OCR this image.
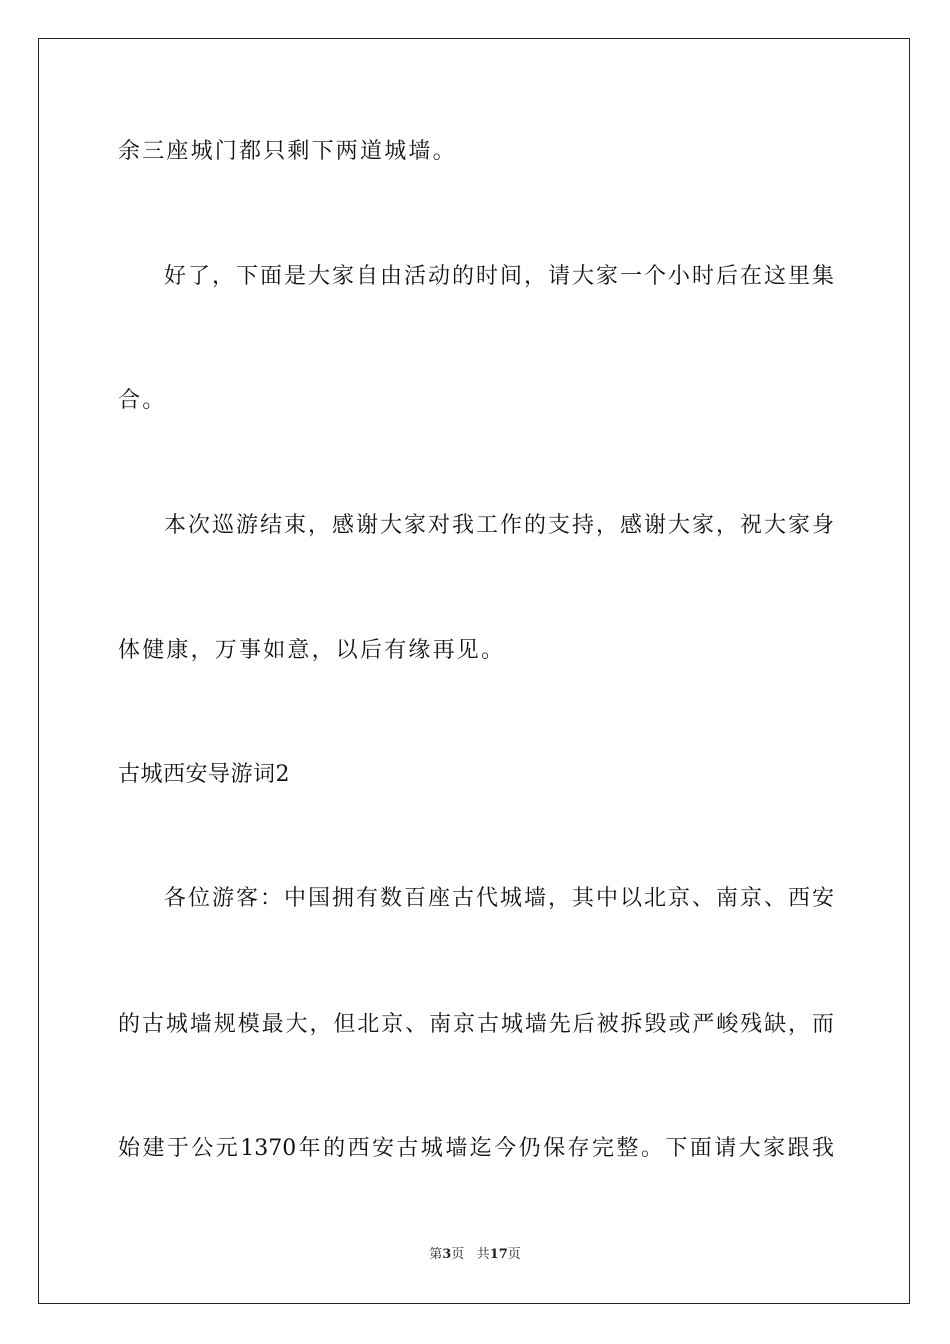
余三座城门都只剩下两道城墙。
好了，下面是大家自由活动的时间，请大家一个小时后在这里集
合。
本次巡游结束，感谢大家对我工作的支持，感谢大家，祝大家身
体健康，万事如意，以后有缘再见。
古城西安导游词2
各位游客：中国拥有数百座古代城墙，其中以北京、南京、西安
的古城墙规模最大，但北京、南京古城墙先后被拆毁或严峻残缺，而
始建于公元1370年的西安古城墙迄今仍保存完整。下面请大家跟我
第3页 共17页
